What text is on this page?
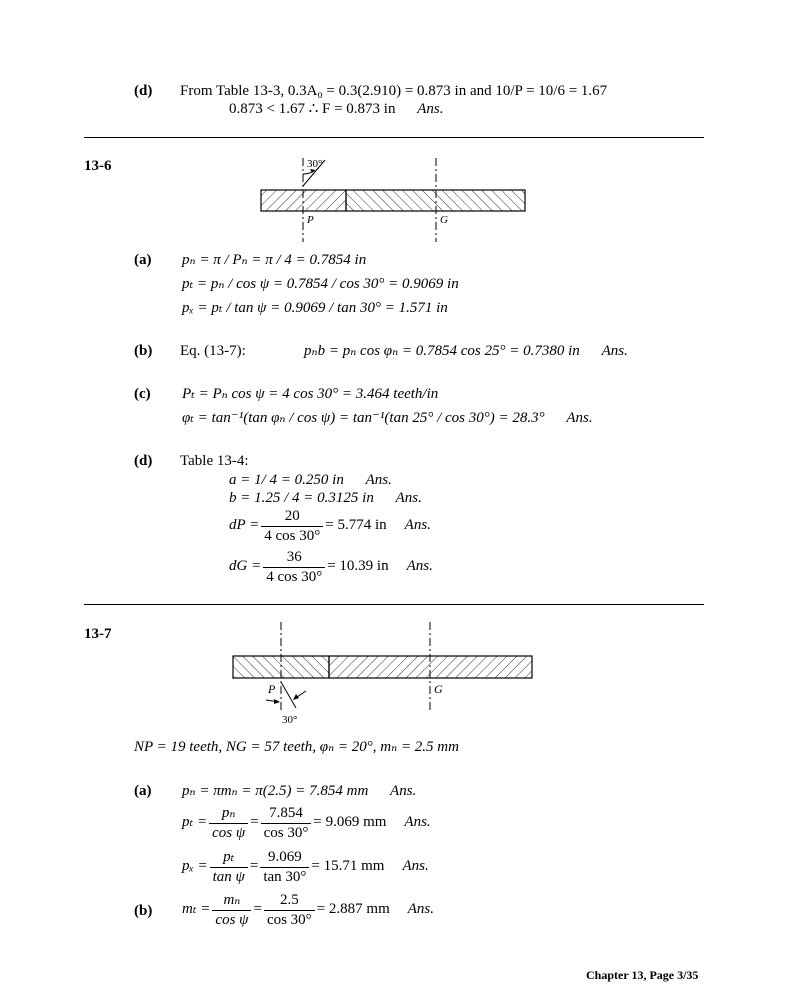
(d) From Table 13-3, 0.3A₀ = 0.3(2.910) = 0.873 in and 10/P = 10/6 = 1.67
0.873 < 1.67 ∴ F = 0.873 in Ans.
13-6	30°
P	G
(a) pₙ = π / Pₙ = π / 4 = 0.7854 in
pₜ = pₙ / cos ψ = 0.7854 / cos 30° = 0.9069 in
pₓ = pₜ / tan ψ = 0.9069 / tan 30° = 1.571 in
(b) Eq. (13-7):	pₙb = pₙ cos φₙ = 0.7854 cos 25° = 0.7380 in Ans.
(c) Pₜ = Pₙ cos ψ = 4 cos 30° = 3.464 teeth/in
φₜ = tan⁻¹(tan φₙ / cos ψ) = tan⁻¹(tan 25° / cos 30°) = 28.3° Ans.
(d) Table 13-4:
a = 1/ 4 = 0.250 in Ans.
b = 1.25 / 4 = 0.3125 in Ans.
dP = $\frac{20}{4 \cos 30^\circ} = 5.774$ in Ans.
dG = $\frac{36}{4 \cos 30^\circ} = 10.39$ in Ans.
13-7
P	G
30°
NP = 19 teeth, NG = 57 teeth, φₙ = 20°, mₙ = 2.5 mm
(a) pₙ = πmₙ = π(2.5) = 7.854 mm Ans.
$p_t = \frac{\text{pₙ}}{\text{cos ψ}} = \frac{7.854}{\cos 30^\circ} = 9.069$ mm Ans.
$p_x = \frac{\text{pₜ}}{\text{tan ψ}} = \frac{9.069}{\tan 30^\circ} = 15.71$ mm Ans.
(b) $m_t = \frac{\text{mₙ}}{\text{cos ψ}} = \frac{2.5}{\cos 30^\circ} = 2.887$ mm Ans.
Chapter 13, Page 3/35
